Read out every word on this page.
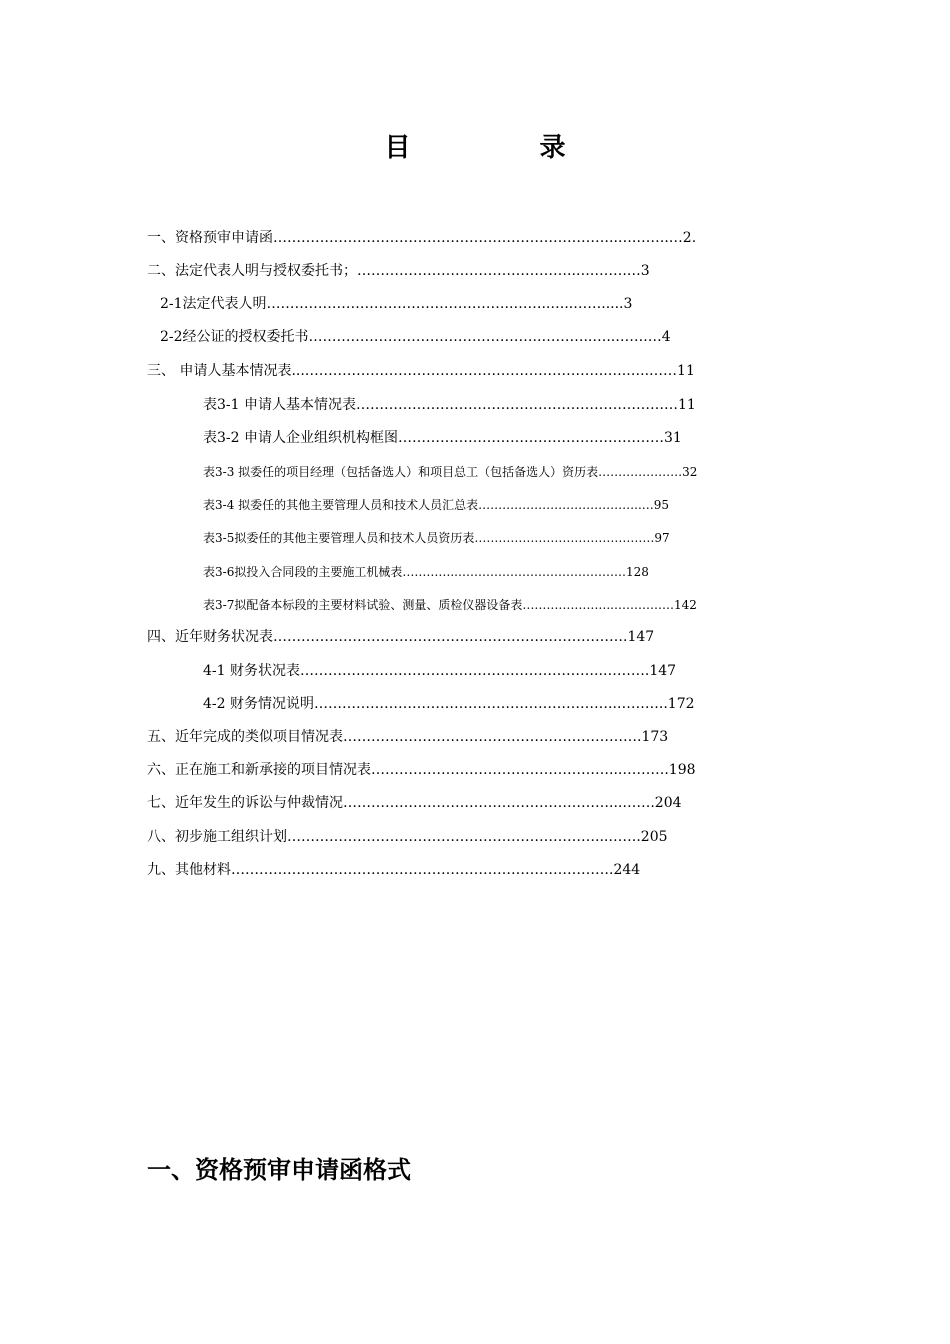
目 录
一、资格预审申请函………………………………………………………………..….…….…2.
二、法定代表人明与授权委托书；………………………………………..….…….…3
2-1法定代表人明……………………………………………..……..…..…….....3
2-2经公证的授权委托书…………………………………………..………..…..…….…4
三、 申请人基本情况表...………………………………………………………..….…..……11
表3-1 申请人基本情况表……………………………………………………………11
表3-2 申请人企业组织机构框图…………………………………………………31
表3-3 拟委任的项目经理（包括备选人）和项目总工（包括备选人）资历表…………………32
表3-4 拟委任的其他主要管理人员和技术人员汇总表…………………………………..…95
表3-5拟委任的其他主要管理人员和技术人员资历表………………………………………97
表3-6拟投入合同段的主要施工机械表…………..……………………………………128
表3-7拟配备本标段的主要材料试验、测量、质检仪器设备表…………………..……………142
四、近年财务状况表………………………………………………………………….147
4-1 财务状况表………………………………………………………..……….147
4-2 财务情况说明………………………………………………………..………..172
五、近年完成的类似项目情况表……………………………………………………….173
六、正在施工和新承接的项目情况表……………………………………………...……….198
七、近年发生的诉讼与仲裁情况…………………………………………………...…….204
八、初步施工组织计划…………………………………………………………...…….205
九、其他材料……………………………………………………………………….244
一、资格预审申请函格式
